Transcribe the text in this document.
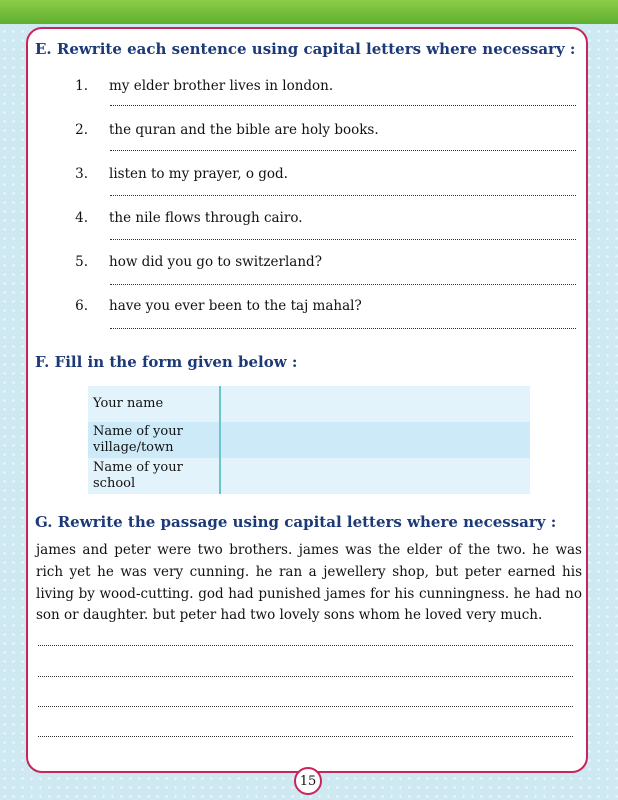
E. Rewrite each sentence using capital letters where necessary :
1. my elder brother lives in london.
2. the quran and the bible are holy books.
3. listen to my prayer, o god.
4. the nile flows through cairo.
5. how did you go to switzerland?
6. have you ever been to the taj mahal?
F. Fill in the form given below :
Your name	
Name of your
village/town	
Name of your
school	
G. Rewrite the passage using capital letters where necessary :

james and peter were two brothers. james was the elder of the two. he was rich yet he was very cunning. he ran a jewellery shop, but peter earned his living by wood-cutting. god had punished james for his cunningness. he had no son or daughter. but peter had two lovely sons whom he loved very much.

15
